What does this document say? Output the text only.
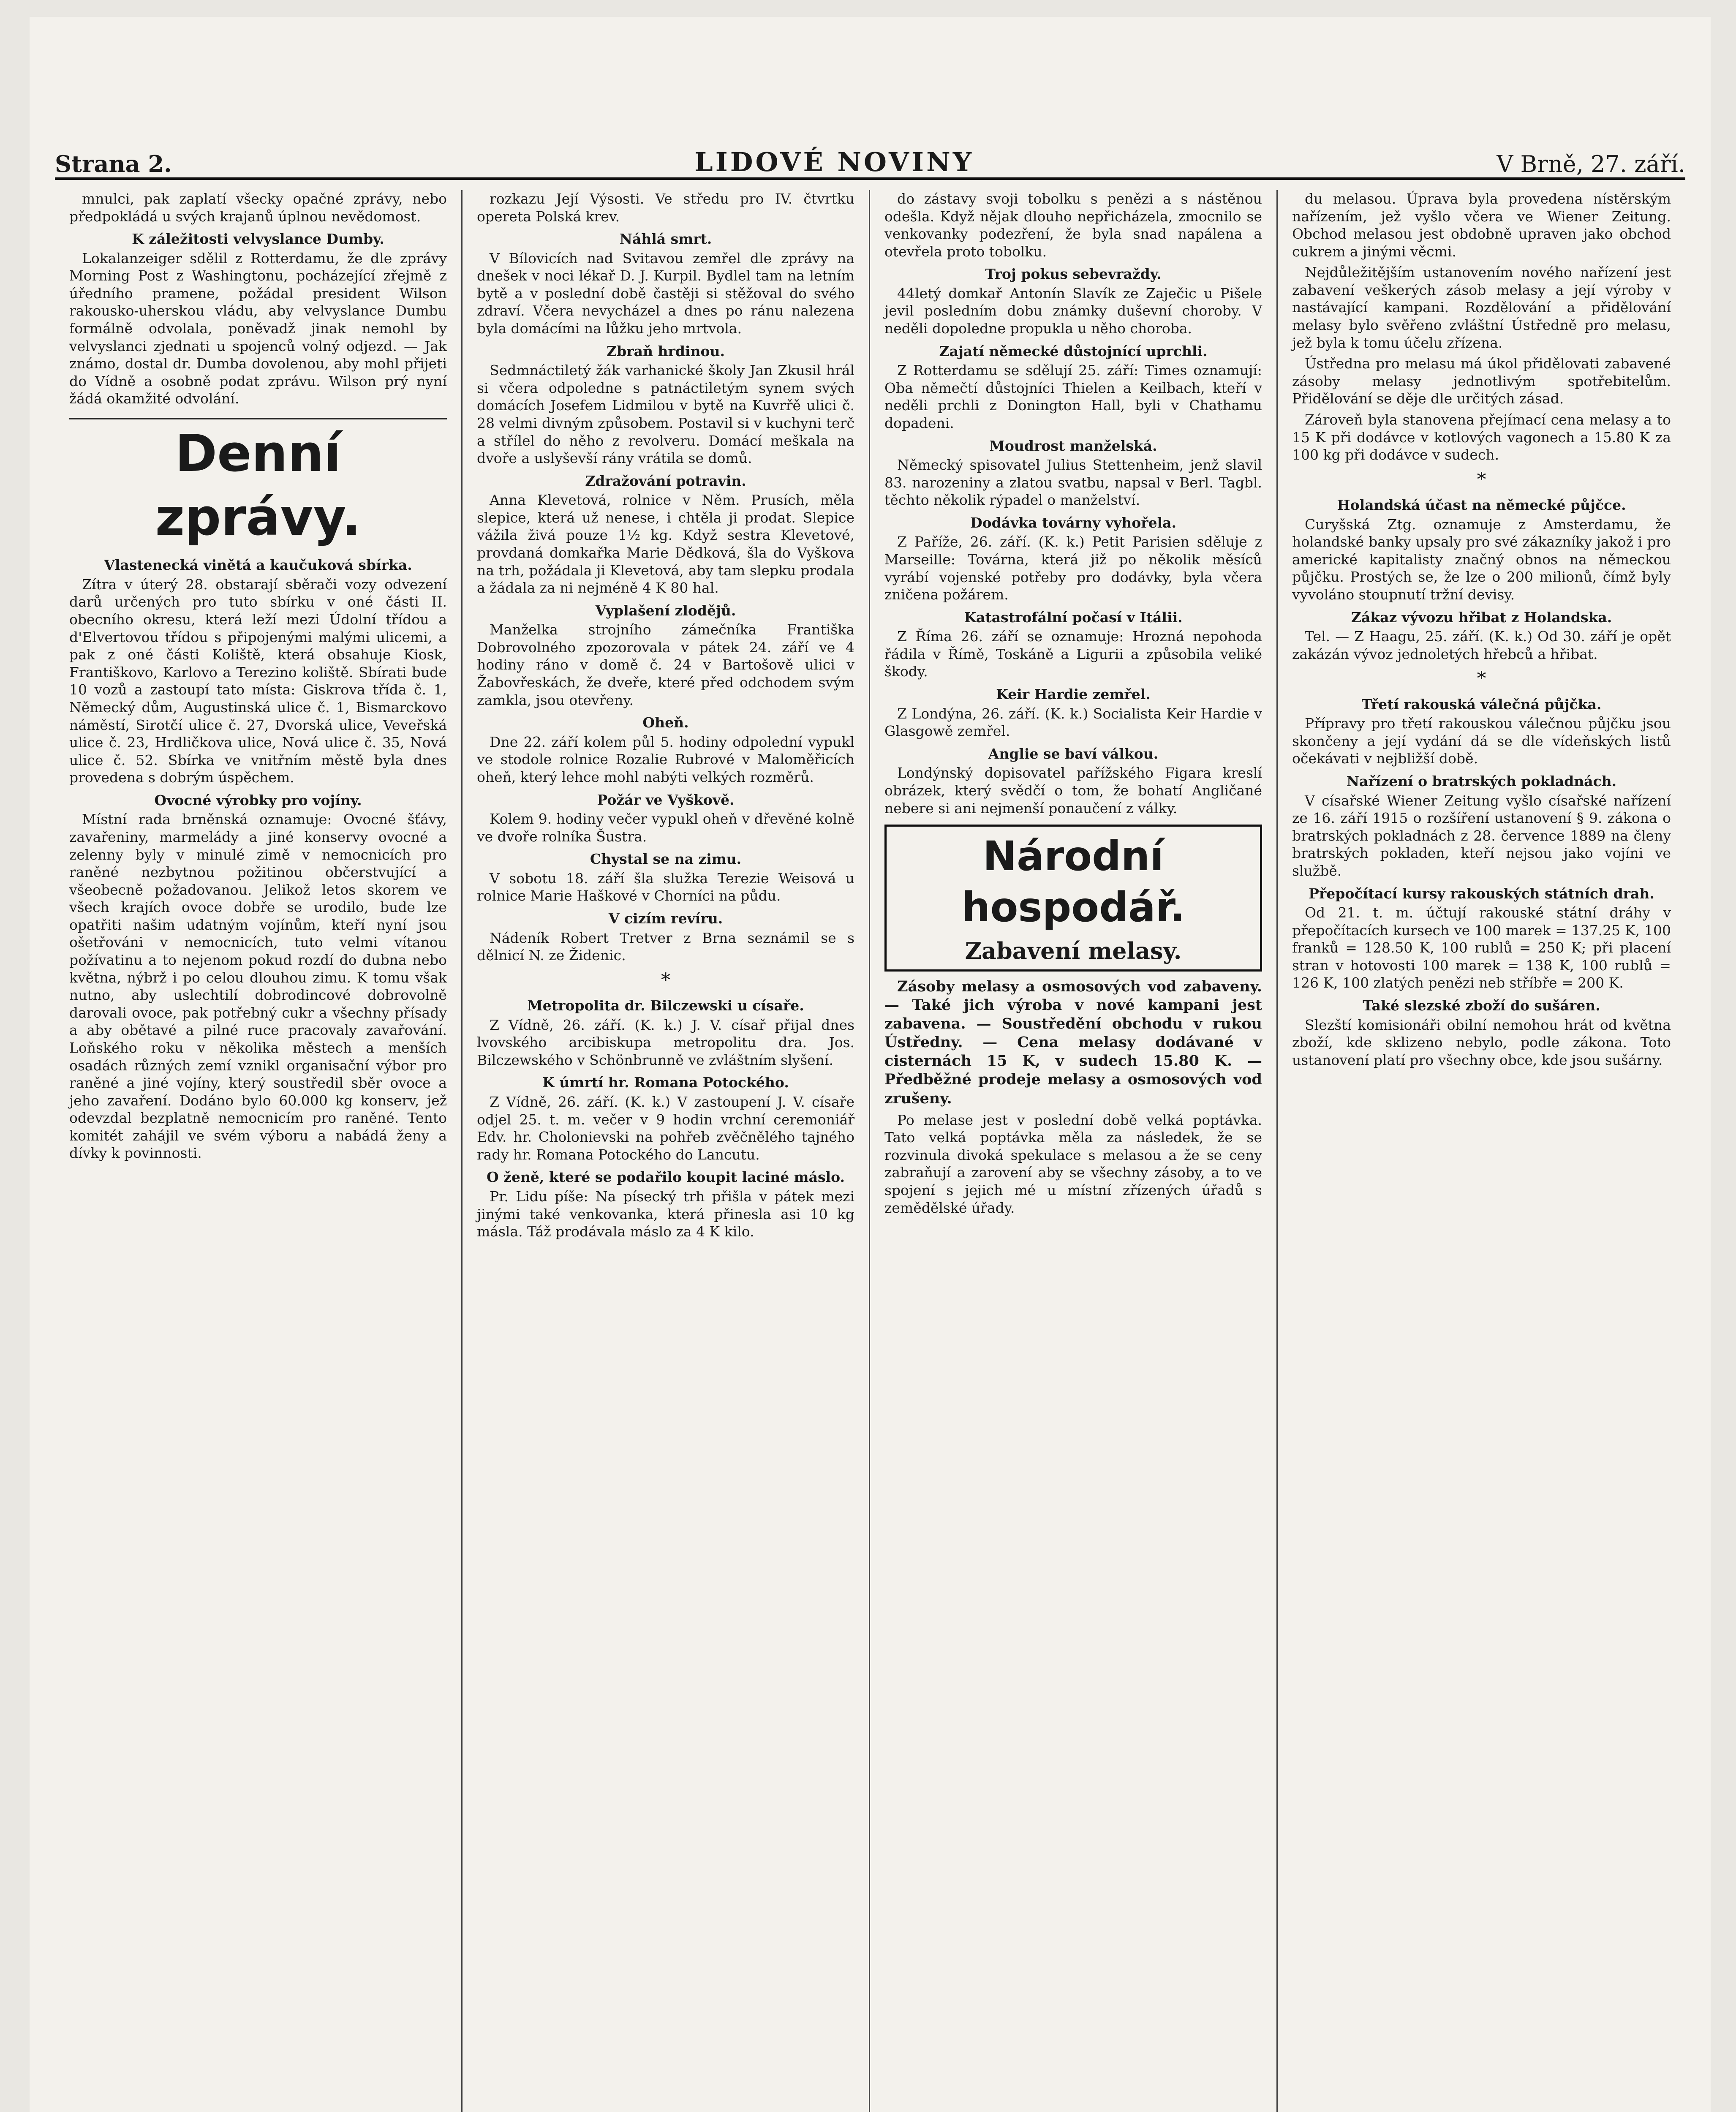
Strana 2.	LIDOVÉ NOVINY	V Brně, 27. září.

mnulci, pak zaplatí všecky opačné zprávy, nebo předpokládá u svých krajanů úplnou nevědomost.

K záležitosti velvyslance Dumby.

Lokalanzeiger sdělil z Rotterdamu, že dle zprávy Morning Post z Washingtonu, pocházející zřejmě z úředního pramene, požádal president Wilson rakousko-uherskou vládu, aby velvyslance Dumbu formálně odvolala, poněvadž jinak nemohl by velvyslanci zjednati u spojenců volný odjezd. — Jak známo, dostal dr. Dumba dovolenou, aby mohl přijeti do Vídně a osobně podat zprávu. Wilson prý nyní žádá okamžité odvolání.

Denní zprávy.
Vlastenecká vinětá a kaučuková sbírka.

Zítra v úterý 28. obstarají sběrači vozy odvezení darů určených pro tuto sbírku v oné části II. obecního okresu, která leží mezi Údolní třídou a d'Elvertovou třídou s připojenými malými ulicemi, a pak z oné části Koliště, která obsahuje Kiosk, Františkovo, Karlovo a Terezino koliště. Sbírati bude 10 vozů a zastoupí tato místa: Giskrova třída č. 1, Německý dům, Augustinská ulice č. 1, Bismarckovo náměstí, Sirotčí ulice č. 27, Dvorská ulice, Veveřská ulice č. 23, Hrdličkova ulice, Nová ulice č. 35, Nová ulice č. 52. Sbírka ve vnitřním městě byla dnes provedena s dobrým úspěchem.

Ovocné výrobky pro vojíny.

Místní rada brněnská oznamuje: Ovocné šťávy, zavařeniny, marmelády a jiné konservy ovocné a zelenny byly v minulé zimě v nemocnicích pro raněné nezbytnou požitinou občerstvující a všeobecně požadovanou. Jelikož letos skorem ve všech krajích ovoce dobře se urodilo, bude lze opatřiti našim udatným vojínům, kteří nyní jsou ošetřováni v nemocnicích, tuto velmi vítanou požívatinu a to nejenom pokud rozdí do dubna nebo května, nýbrž i po celou dlouhou zimu. K tomu však nutno, aby uslechtilí dobrodincové dobrovolně darovali ovoce, pak potřebný cukr a všechny přísady a aby obětavé a pilné ruce pracovaly zavařování. Loňského roku v několika městech a menších osadách různých zemí vznikl organisační výbor pro raněné a jiné vojíny, který soustředil sběr ovoce a jeho zavaření. Dodáno bylo 60.000 kg konserv, jež odevzdal bezplatně nemocnicím pro raněné. Tento komitét zahájil ve svém výboru a nabádá ženy a dívky k povinnosti.

rozkazu Její Výsosti. Ve středu pro IV. čtvrtku opereta Polská krev.

Náhlá smrt.

V Bílovicích nad Svitavou zemřel dle zprávy na dnešek v noci lékař D. J. Kurpil. Bydlel tam na letním bytě a v poslední době častěji si stěžoval do svého zdraví. Včera nevycházel a dnes po ránu nalezena byla domácími na lůžku jeho mrtvola.

Zbraň hrdinou.

Sedmnáctiletý žák varhanické školy Jan Zkusil hrál si včera odpoledne s patnáctiletým synem svých domácích Josefem Lidmilou v bytě na Kuvrřě ulici č. 28 velmi divným způsobem. Postavil si v kuchyni terč a střílel do něho z revolveru. Domácí meškala na dvoře a uslyševší rány vrátila se domů.

Zdražování potravin.

Anna Klevetová, rolnice v Něm. Prusích, měla slepice, která už nenese, i chtěla ji prodat. Slepice vážila živá pouze 1½ kg. Když sestra Klevetové, provdaná domkařka Marie Dědková, šla do Vyškova na trh, požádala ji Klevetová, aby tam slepku prodala a žádala za ni nejméně 4 K 80 hal.

Vyplašení zlodějů.

Manželka strojního zámečníka Františka Dobrovolného zpozorovala v pátek 24. září ve 4 hodiny ráno v domě č. 24 v Bartošově ulici v Žabovřeskách, že dveře, které před odchodem svým zamkla, jsou otevřeny.

Oheň.

Dne 22. září kolem půl 5. hodiny odpolední vypukl ve stodole rolnice Rozalie Rubrové v Maloměřicích oheň, který lehce mohl nabýti velkých rozměrů.

Požár ve Vyškově.

Kolem 9. hodiny večer vypukl oheň v dřevěné kolně ve dvoře rolníka Šustra.

Chystal se na zimu.

V sobotu 18. září šla služka Terezie Weisová u rolnice Marie Haškové v Chorníci na půdu.

V cizím revíru.

Nádeník Robert Tretver z Brna seznámil se s dělnicí N. ze Židenic.

*
Metropolita dr. Bilczewski u císaře.

Z Vídně, 26. září. (K. k.) J. V. císař přijal dnes lvovského arcibiskupa metropolitu dra. Jos. Bilczewského v Schönbrunně ve zvláštním slyšení.

K úmrtí hr. Romana Potockého.

Z Vídně, 26. září. (K. k.) V zastoupení J. V. císaře odjel 25. t. m. večer v 9 hodin vrchní ceremoniář Edv. hr. Cholonievski na pohřeb zvěčnělého tajného rady hr. Romana Potockého do Lancutu.

O ženě, které se podařilo koupit laciné máslo.

Pr. Lidu píše: Na písecký trh přišla v pátek mezi jinými také venkovanka, která přinesla asi 10 kg másla. Táž prodávala máslo za 4 K kilo.

do zástavy svoji tobolku s penězi a s nástěnou odešla. Když nějak dlouho nepřicházela, zmocnilo se venkovanky podezření, že byla snad napálena a otevřela proto tobolku.

Troj pokus sebevraždy.

44letý domkař Antonín Slavík ze Zaječic u Pišele jevil posledním dobu známky duševní choroby. V neděli dopoledne propukla u něho choroba.

Zajatí německé důstojnící uprchli.

Z Rotterdamu se sdělují 25. září: Times oznamují: Oba němečtí důstojníci Thielen a Keilbach, kteří v neděli prchli z Donington Hall, byli v Chathamu dopadeni.

Moudrost manželská.

Německý spisovatel Julius Stettenheim, jenž slavil 83. narozeniny a zlatou svatbu, napsal v Berl. Tagbl. těchto několik rýpadel o manželství.

Dodávka továrny vyhořela.

Z Paříže, 26. září. (K. k.) Petit Parisien sděluje z Marseille: Továrna, která již po několik měsíců vyrábí vojenské potřeby pro dodávky, byla včera zničena požárem.

Katastrofální počasí v Itálii.

Z Říma 26. září se oznamuje: Hrozná nepohoda řádila v Římě, Toskáně a Ligurii a způsobila veliké škody.

Keir Hardie zemřel.

Z Londýna, 26. září. (K. k.) Socialista Keir Hardie v Glasgowě zemřel.

Anglie se baví válkou.

Londýnský dopisovatel pařížského Figara kreslí obrázek, který svědčí o tom, že bohatí Angličané nebere si ani nejmenší ponaučení z války.

Národní hospodář.
Zabavení melasy.

Zásoby melasy a osmosových vod zabaveny. — Také jich výroba v nové kampani jest zabavena. — Soustředění obchodu v rukou Ústředny. — Cena melasy dodávané v cisternách 15 K, v sudech 15.80 K. — Předběžné prodeje melasy a osmosových vod zrušeny.

Po melase jest v poslední době velká poptávka. Tato velká poptávka měla za následek, že se rozvinula divoká spekulace s melasou a že se ceny zabraňují a zarovení aby se všechny zásoby, a to ve spojení s jejich mé u místní zřízených úřadů s zemědělské úřady.

du melasou. Úprava byla provedena nístěrským nařízením, jež vyšlo včera ve Wiener Zeitung. Obchod melasou jest obdobně upraven jako obchod cukrem a jinými věcmi.

Nejdůležitějším ustanovením nového nařízení jest zabavení veškerých zásob melasy a její výroby v nastávající kampani. Rozdělování a přidělování melasy bylo svěřeno zvláštní Ústředně pro melasu, jež byla k tomu účelu zřízena.

Ústředna pro melasu má úkol přidělovati zabavené zásoby melasy jednotlivým spotřebitelům. Přidělování se děje dle určitých zásad.

Zároveň byla stanovena přejímací cena melasy a to 15 K při dodávce v kotlových vagonech a 15.80 K za 100 kg při dodávce v sudech.

*
Holandská účast na německé půjčce.

Curyšská Ztg. oznamuje z Amsterdamu, že holandské banky upsaly pro své zákazníky jakož i pro americké kapitalisty značný obnos na německou půjčku. Prostých se, že lze o 200 milionů, čímž byly vyvoláno stoupnutí tržní devisy.

Zákaz vývozu hřibat z Holandska.

Tel. — Z Haagu, 25. září. (K. k.) Od 30. září je opět zakázán vývoz jednoletých hřebců a hřibat.

*
Třetí rakouská válečná půjčka.

Přípravy pro třetí rakouskou válečnou půjčku jsou skončeny a její vydání dá se dle vídeňských listů očekávati v nejbližší době.

Nařízení o bratrských pokladnách.

V císařské Wiener Zeitung vyšlo císařské nařízení ze 16. září 1915 o rozšíření ustanovení § 9. zákona o bratrských pokladnách z 28. července 1889 na členy bratrských pokladen, kteří nejsou jako vojíni ve službě.

Přepočítací kursy rakouských státních drah.

Od 21. t. m. účtují rakouské státní dráhy v přepočítacích kursech ve 100 marek = 137.25 K, 100 franků = 128.50 K, 100 rublů = 250 K; při placení stran v hotovosti 100 marek = 138 K, 100 rublů = 126 K, 100 zlatých penězi neb stříbře = 200 K.

Také slezské zboží do sušáren.

Slezští komisionáři obilní nemohou hrát od května zboží, kde sklizeno nebylo, podle zákona. Toto ustanovení platí pro všechny obce, kde jsou sušárny.
